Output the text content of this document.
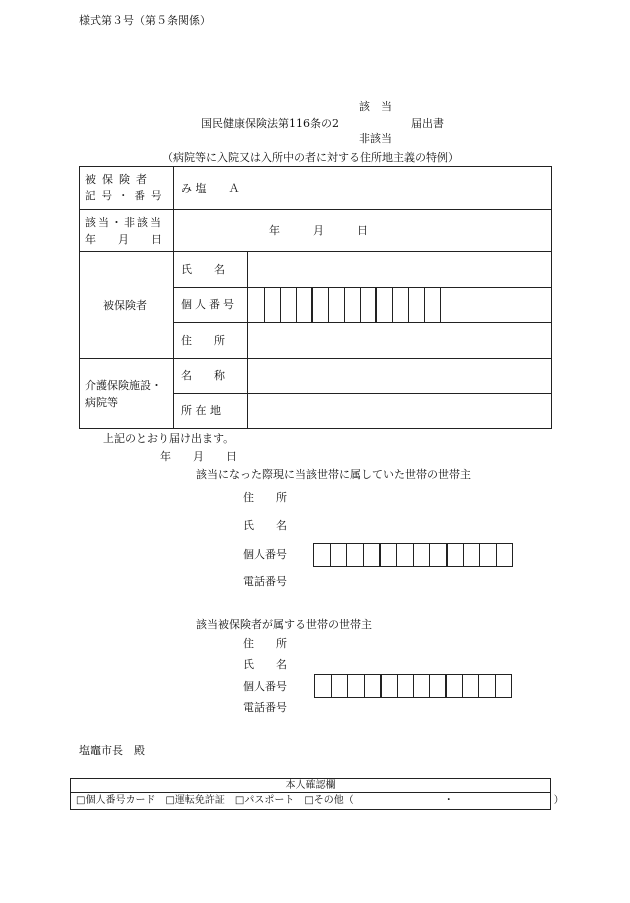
様式第３号（第５条関係）
該　当
国民健康保険法第116条の2	届出書
非該当
（病院等に入院又は入所中の者に対する住所地主義の特例）
被保険者
記号・番号
み 塩　　Ａ
該当・非該当
年　　月　　日
年　　　月　　　日
被保険者
氏　　名
個人番号
住　　所
介護保険施設・病院等
名　　称
所 在 地
上記のとおり届け出ます。
年　　月　　日
該当になった際現に当該世帯に属していた世帯の世帯主
住　　所
氏　　名
個人番号
電話番号
該当被保険者が属する世帯の世帯主
住　　所
氏　　名
個人番号
電話番号
塩竈市長　殿
本人確認欄
□個人番号カード　□運転免許証　□パスポート　□その他（　　　　　　　　　・　　　　　　　　　　）
